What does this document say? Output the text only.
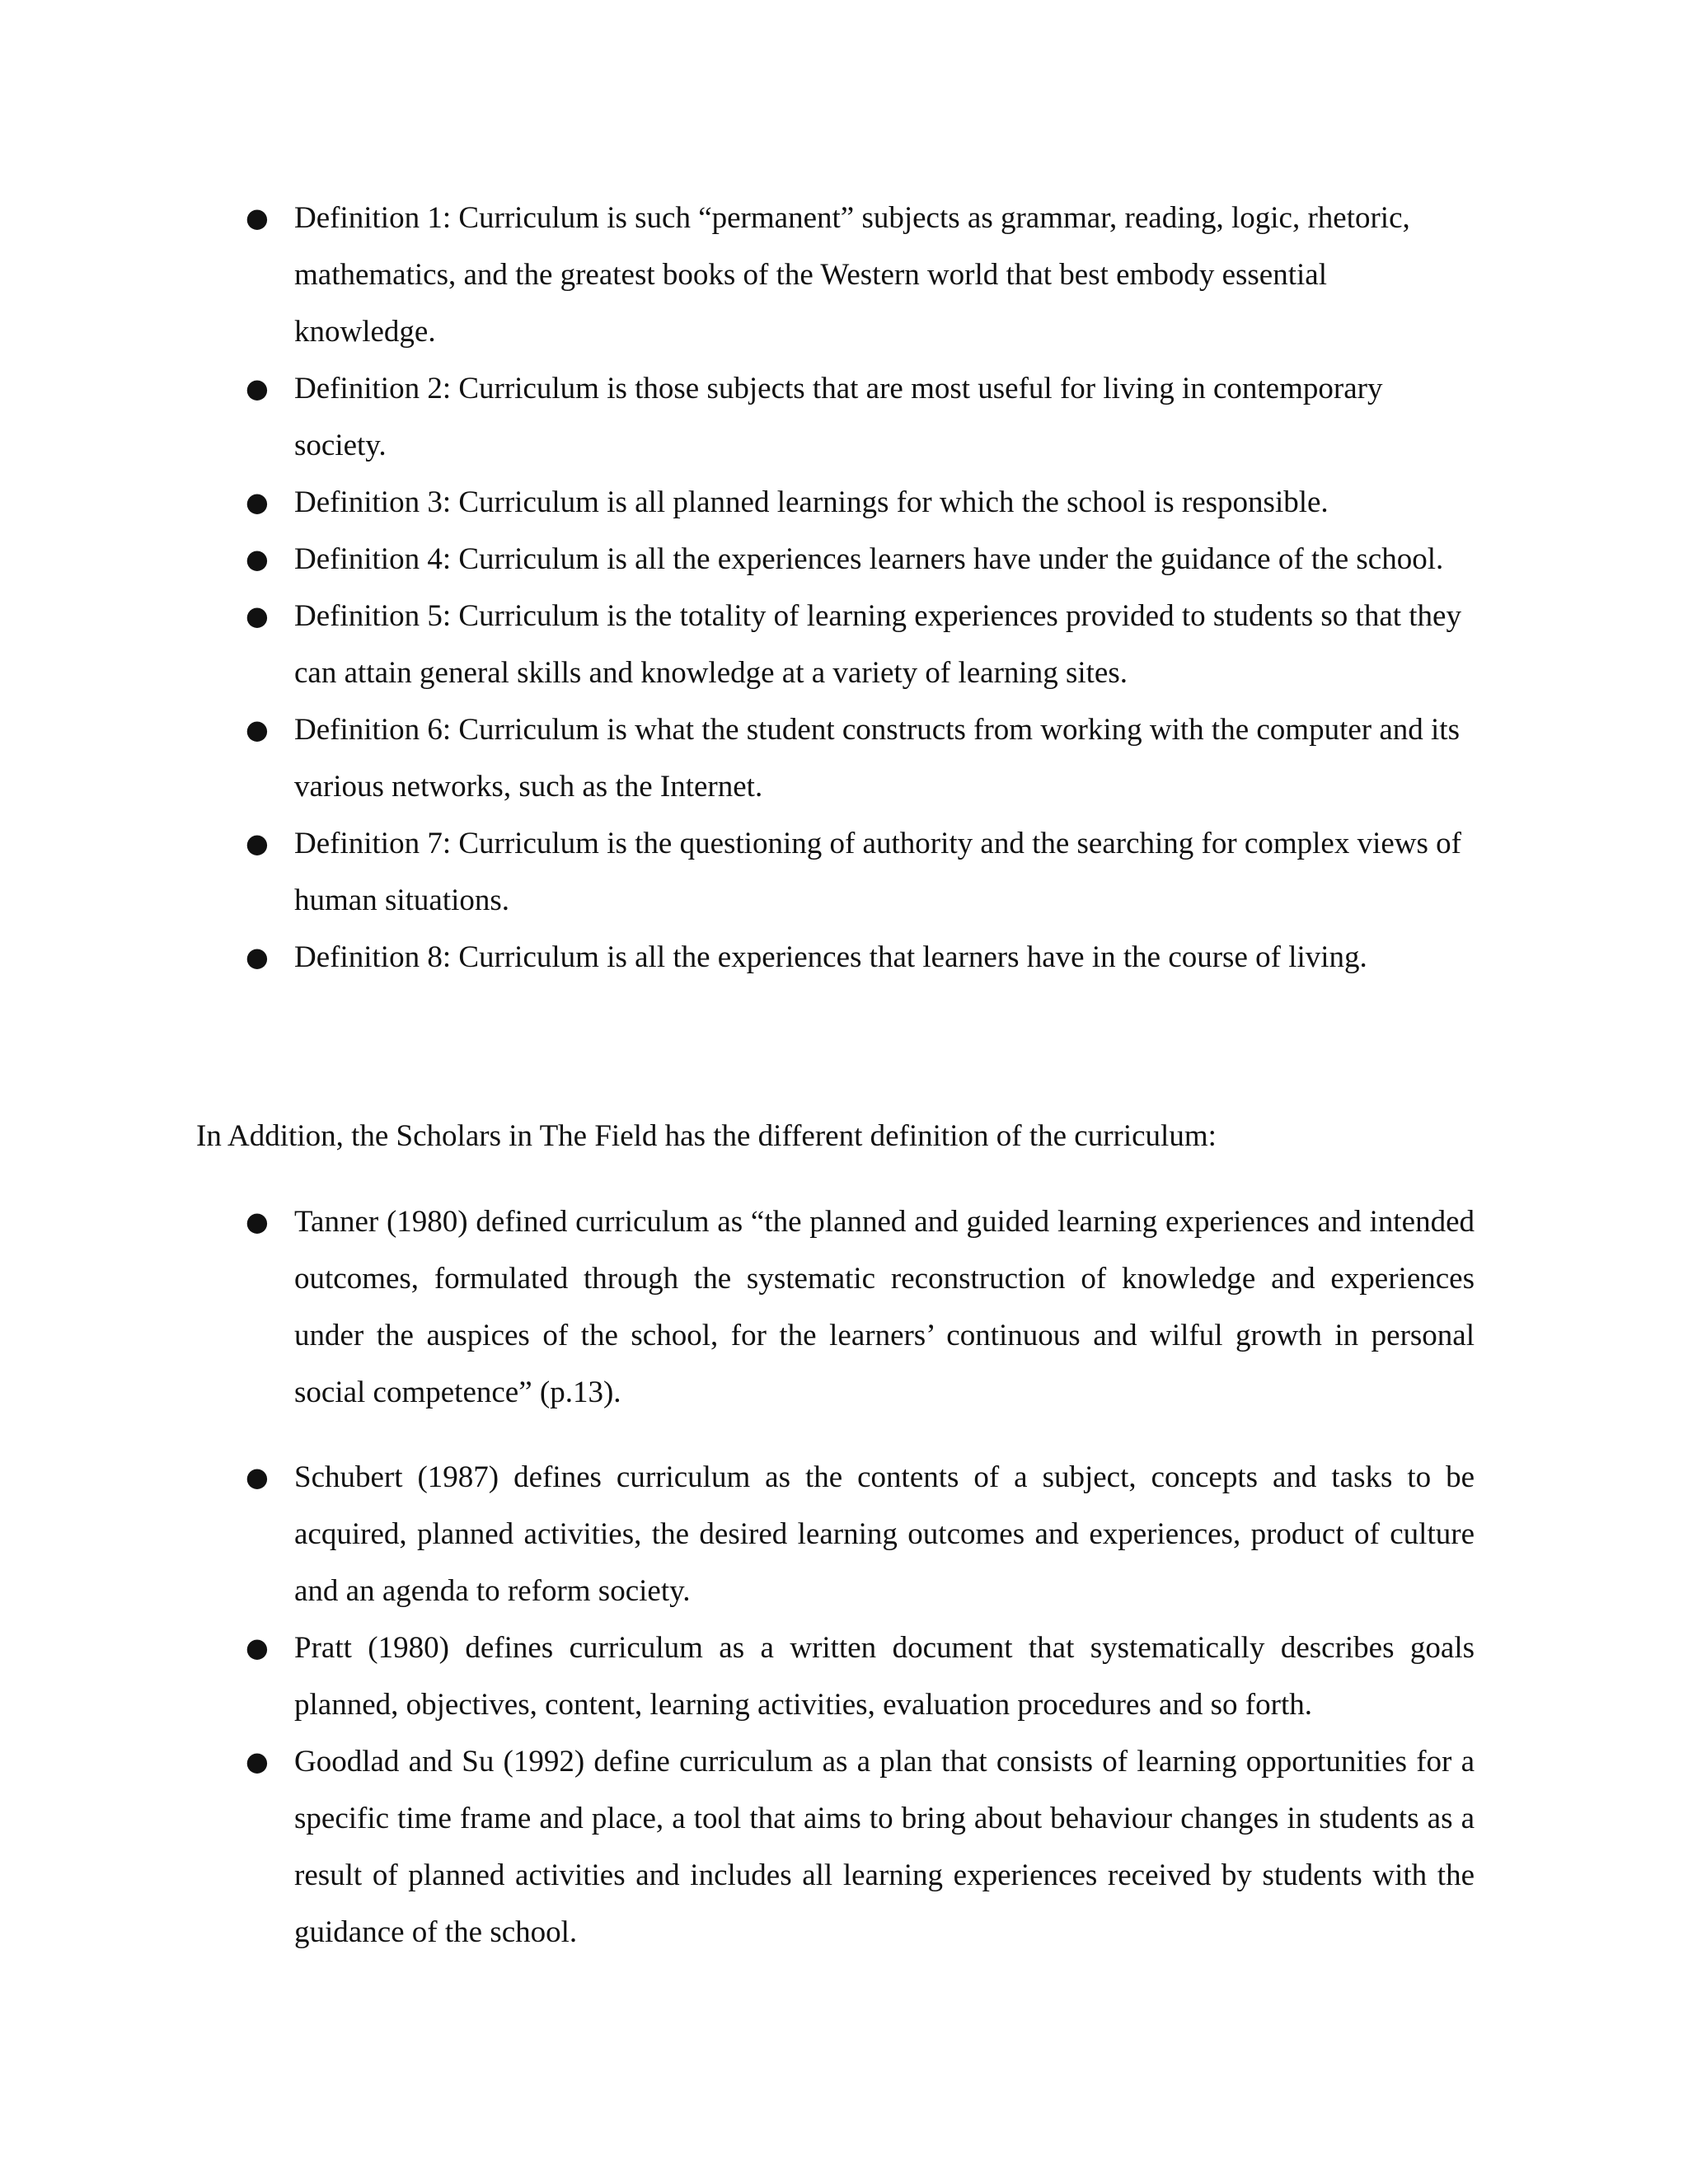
● Definition 1: Curriculum is such “permanent” subjects as grammar, reading, logic, rhetoric, mathematics, and the greatest books of the Western world that best embody essential knowledge.
● Definition 2: Curriculum is those subjects that are most useful for living in contemporary society.
● Definition 3: Curriculum is all planned learnings for which the school is responsible.
● Definition 4: Curriculum is all the experiences learners have under the guidance of the school.
● Definition 5: Curriculum is the totality of learning experiences provided to students so that they can attain general skills and knowledge at a variety of learning sites.
● Definition 6: Curriculum is what the student constructs from working with the computer and its various networks, such as the Internet.
● Definition 7: Curriculum is the questioning of authority and the searching for complex views of human situations.
● Definition 8: Curriculum is all the experiences that learners have in the course of living.

In Addition, the Scholars in The Field has the different definition of the curriculum:

● Tanner (1980) defined curriculum as “the planned and guided learning experiences and intended outcomes, formulated through the systematic reconstruction of knowledge and experiences under the auspices of the school, for the learners’ continuous and wilful growth in personal social competence” (p.13).
● Schubert (1987) defines curriculum as the contents of a subject, concepts and tasks to be acquired, planned activities, the desired learning outcomes and experiences, product of culture and an agenda to reform society.
● Pratt (1980) defines curriculum as a written document that systematically describes goals planned, objectives, content, learning activities, evaluation procedures and so forth.
● Goodlad and Su (1992) define curriculum as a plan that consists of learning opportunities for a specific time frame and place, a tool that aims to bring about behaviour changes in students as a result of planned activities and includes all learning experiences received by students with the guidance of the school.
